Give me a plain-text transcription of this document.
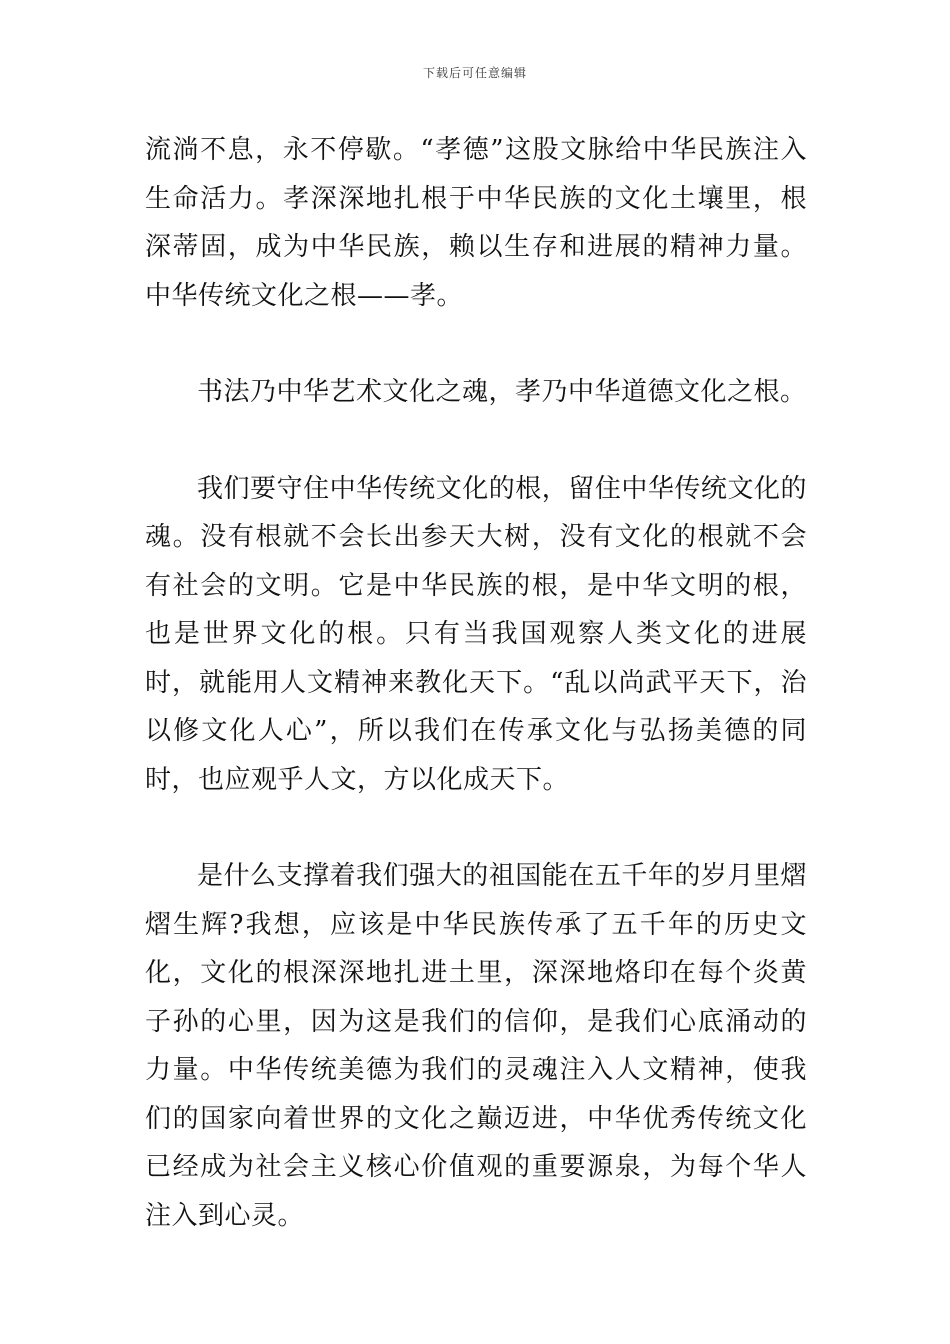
下载后可任意编辑

流淌不息，永不停歇。“孝德”这股文脉给中华民族注入生命活力。孝深深地扎根于中华民族的文化土壤里，根深蒂固，成为中华民族，赖以生存和进展的精神力量。中华传统文化之根——孝。

书法乃中华艺术文化之魂，孝乃中华道德文化之根。

我们要守住中华传统文化的根，留住中华传统文化的魂。没有根就不会长出参天大树，没有文化的根就不会有社会的文明。它是中华民族的根，是中华文明的根，也是世界文化的根。只有当我国观察人类文化的进展时，就能用人文精神来教化天下。“乱以尚武平天下，治以修文化人心”，所以我们在传承文化与弘扬美德的同时，也应观乎人文，方以化成天下。

是什么支撑着我们强大的祖国能在五千年的岁月里熠熠生辉?我想，应该是中华民族传承了五千年的历史文化，文化的根深深地扎进土里，深深地烙印在每个炎黄子孙的心里，因为这是我们的信仰，是我们心底涌动的力量。中华传统美德为我们的灵魂注入人文精神，使我们的国家向着世界的文化之巅迈进，中华优秀传统文化已经成为社会主义核心价值观的重要源泉，为每个华人注入到心灵。
